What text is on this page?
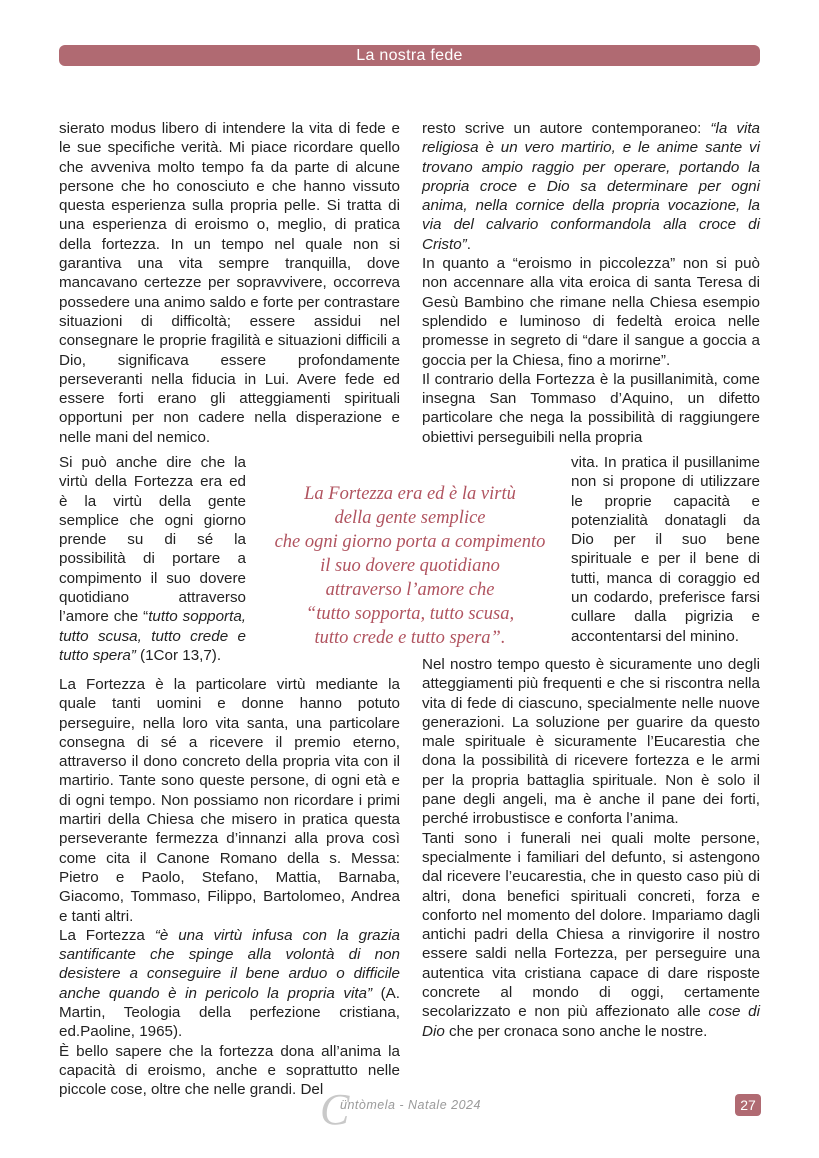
La nostra fede

sierato modus libero di intendere la vita di fede e le sue specifiche verità. Mi piace ricordare quello che avveniva molto tempo fa da parte di alcune persone che ho conosciuto e che hanno vissuto questa esperienza sulla propria pelle. Si tratta di una esperienza di eroismo o, meglio, di pratica della fortezza. In un tempo nel quale non si garantiva una vita sempre tranquilla, dove mancavano certezze per sopravvivere, occorreva possedere una animo saldo e forte per contrastare situazioni di difficoltà; essere assidui nel consegnare le proprie fragilità e situazioni difficili a Dio, significava essere profondamente perseveranti nella fiducia in Lui. Avere fede ed essere forti erano gli atteggiamenti spirituali opportuni per non cadere nella disperazione e nelle mani del nemico.

Si può anche dire che la virtù della Fortezza era ed è la virtù della gente semplice che ogni giorno prende su di sé la possibilità di portare a compimento il suo dovere quotidiano attraverso l’amore che “tutto sopporta, tutto scusa, tutto crede e tutto spera” (1Cor 13,7).

La Fortezza è la particolare virtù mediante la quale tanti uomini e donne hanno potuto perseguire, nella loro vita santa, una particolare consegna di sé a ricevere il premio eterno, attraverso il dono concreto della propria vita con il martirio. Tante sono queste persone, di ogni età e di ogni tempo. Non possiamo non ricordare i primi martiri della Chiesa che misero in pratica questa perseverante fermezza d’innanzi alla prova così come cita il Canone Romano della s. Messa: Pietro e Paolo, Stefano, Mattia, Barnaba, Giacomo, Tommaso, Filippo, Bartolomeo, Andrea e tanti altri.

La Fortezza “è una virtù infusa con la grazia santificante che spinge alla volontà di non desistere a conseguire il bene arduo o difficile anche quando è in pericolo la propria vita” (A. Martin, Teologia della perfezione cristiana, ed.Paoline, 1965).

È bello sapere che la fortezza dona all’anima la capacità di eroismo, anche e soprattutto nelle piccole cose, oltre che nelle grandi. Del

resto scrive un autore contemporaneo: “la vita religiosa è un vero martirio, e le anime sante vi trovano ampio raggio per operare, portando la propria croce e Dio sa determinare per ogni anima, nella cornice della propria vocazione, la via del calvario conformandola alla croce di Cristo”.

In quanto a “eroismo in piccolezza” non si può non accennare alla vita eroica di santa Teresa di Gesù Bambino che rimane nella Chiesa esempio splendido e luminoso di fedeltà eroica nelle promesse in segreto di “dare il sangue a goccia a goccia per la Chiesa, fino a morirne”.

Il contrario della Fortezza è la pusillanimità, come insegna San Tommaso d’Aquino, un difetto particolare che nega la possibilità di raggiungere obiettivi perseguibili nella propria

vita. In pratica il pusillanime non si propone di utilizzare le proprie capacità e potenzialità donatagli da Dio per il suo bene spirituale e per il bene di tutti, manca di coraggio ed un codardo, preferisce farsi cullare dalla pigrizia e accontentarsi del minino.

Nel nostro tempo questo è sicuramente uno degli atteggiamenti più frequenti e che si riscontra nella vita di fede di ciascuno, specialmente nelle nuove generazioni. La soluzione per guarire da questo male spirituale è sicuramente l’Eucarestia che dona la possibilità di ricevere fortezza e le armi per la propria battaglia spirituale. Non è solo il pane degli angeli, ma è anche il pane dei forti, perché irrobustisce e conforta l’anima.

Tanti sono i funerali nei quali molte persone, specialmente i familiari del defunto, si astengono dal ricevere l’eucarestia, che in questo caso più di altri, dona benefici spirituali concreti, forza e conforto nel momento del dolore. Impariamo dagli antichi padri della Chiesa a rinvigorire il nostro essere saldi nella Fortezza, per perseguire una autentica vita cristiana capace di dare risposte concrete al mondo di oggi, certamente secolarizzato e non più affezionato alle cose di Dio che per cronaca sono anche le nostre.

La Fortezza era ed è la virtù

della gente semplice

che ogni giorno porta a compimento

il suo dovere quotidiano

attraverso l’amore che

“tutto sopporta, tutto scusa,

tutto crede e tutto spera”.

C
üntòmela - Natale 2024	27
